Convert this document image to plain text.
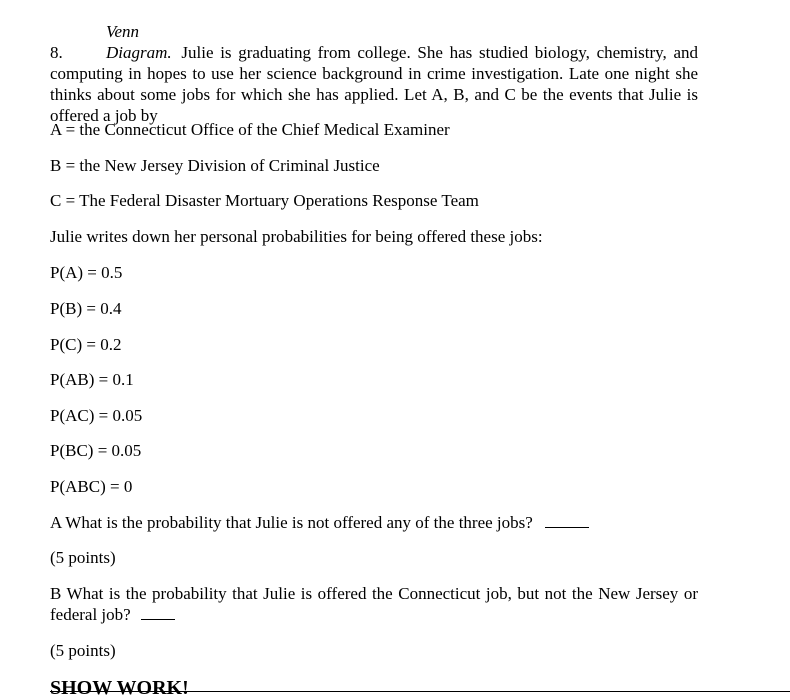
8.Venn Diagram. Julie is graduating from college. She has studied biology, chemistry, and computing in hopes to use her science background in crime investigation. Late one night she thinks about some jobs for which she has applied. Let A, B, and C be the events that Julie is offered a job by
A = the Connecticut Office of the Chief Medical Examiner
B = the New Jersey Division of Criminal Justice
C = The Federal Disaster Mortuary Operations Response Team
Julie writes down her personal probabilities for being offered these jobs:
P(A) = 0.5
P(B) = 0.4
P(C) = 0.2
P(AB) = 0.1
P(AC) = 0.05
P(BC) = 0.05
P(ABC) = 0
A What is the probability that Julie is not offered any of the three jobs?
(5 points)
B What is the probability that Julie is offered the Connecticut job, but not the New Jersey or federal job?
(5 points)
SHOW WORK!
